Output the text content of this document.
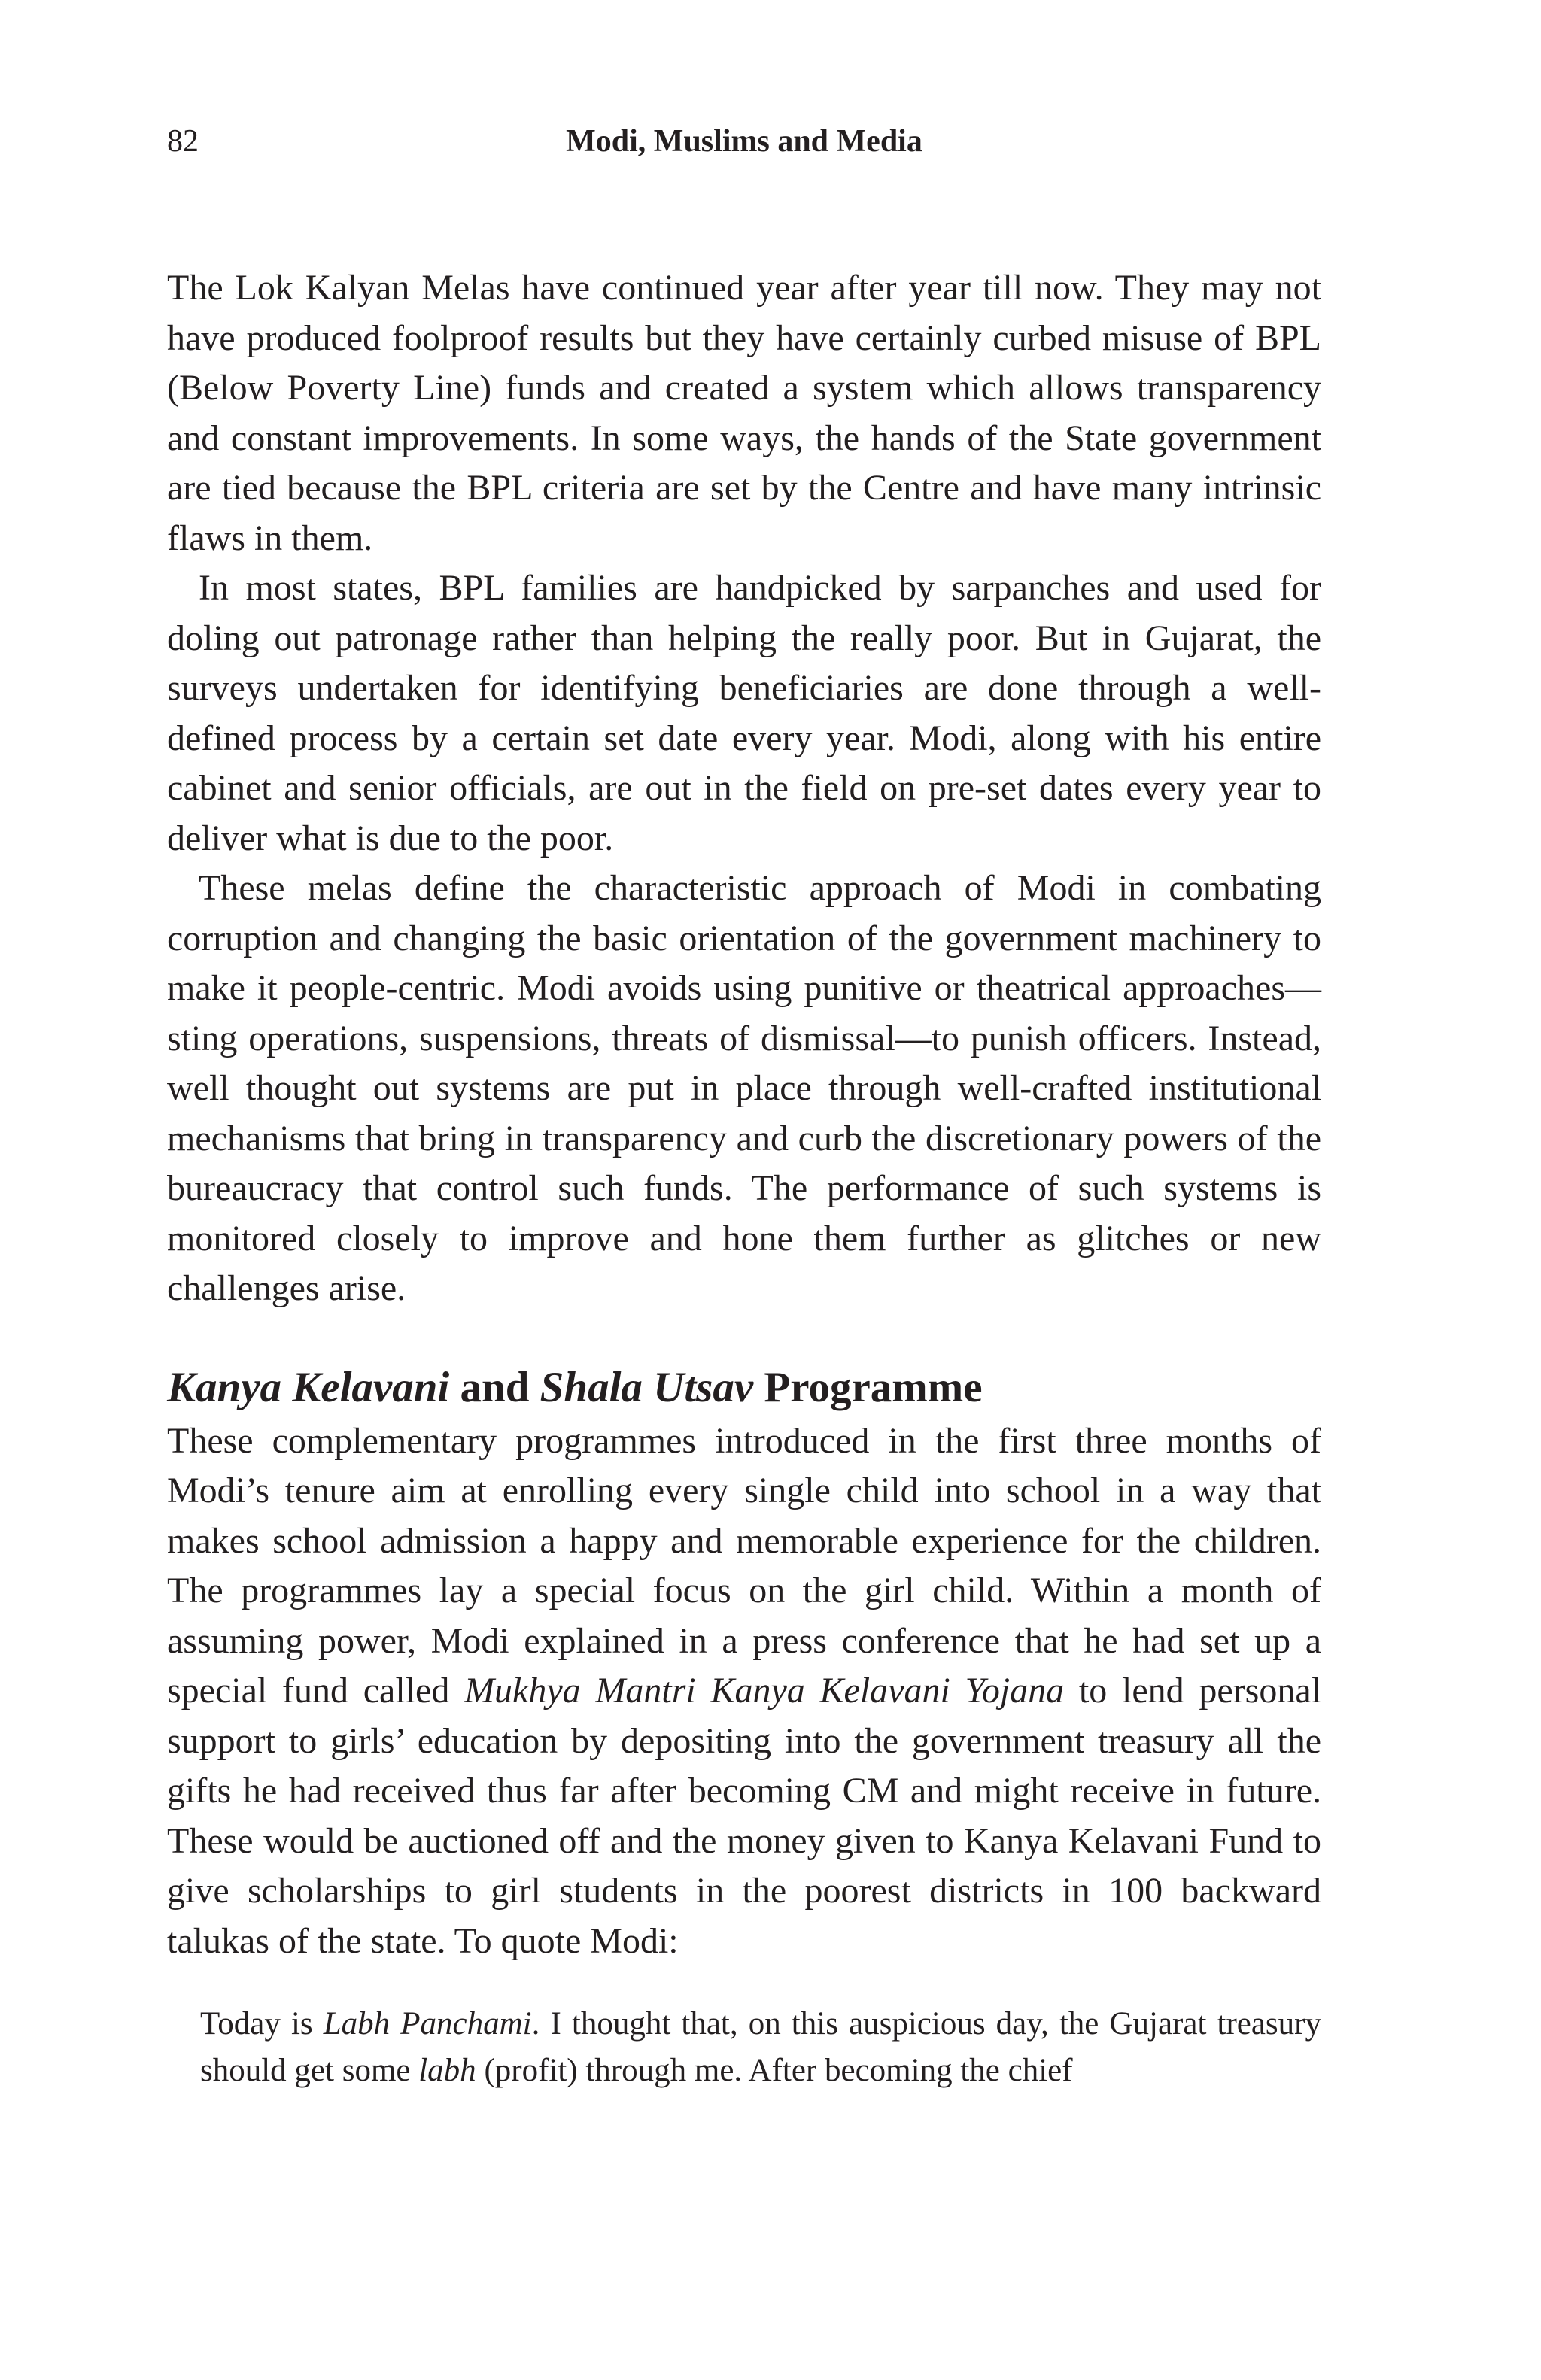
82	Modi, Muslims and Media

The Lok Kalyan Melas have continued year after year till now. They may not have produced foolproof results but they have certainly curbed misuse of BPL (Below Poverty Line) funds and created a system which allows transparency and constant improvements. In some ways, the hands of the State government are tied because the BPL criteria are set by the Centre and have many intrinsic flaws in them.

In most states, BPL families are handpicked by sarpanches and used for doling out patronage rather than helping the really poor. But in Gujarat, the surveys undertaken for identifying beneficiaries are done through a well-defined process by a certain set date every year. Modi, along with his entire cabinet and senior officials, are out in the field on pre-set dates every year to deliver what is due to the poor.

These melas define the characteristic approach of Modi in combating corruption and changing the basic orientation of the government machinery to make it people-centric. Modi avoids using punitive or theatrical approaches—sting operations, suspensions, threats of dismissal—to punish officers. Instead, well thought out systems are put in place through well-crafted institutional mechanisms that bring in transparency and curb the discretionary powers of the bureaucracy that control such funds. The performance of such systems is monitored closely to improve and hone them further as glitches or new challenges arise.

Kanya Kelavani and Shala Utsav Programme

These complementary programmes introduced in the first three months of Modi’s tenure aim at enrolling every single child into school in a way that makes school admission a happy and memorable experience for the children. The programmes lay a special focus on the girl child. Within a month of assuming power, Modi explained in a press conference that he had set up a special fund called Mukhya Mantri Kanya Kelavani Yojana to lend personal support to girls’ education by depositing into the government treasury all the gifts he had received thus far after becoming CM and might receive in future. These would be auctioned off and the money given to Kanya Kelavani Fund to give scholarships to girl students in the poorest districts in 100 backward talukas of the state. To quote Modi:

Today is Labh Panchami. I thought that, on this auspicious day, the Gujarat treasury should get some labh (profit) through me. After becoming the chief
